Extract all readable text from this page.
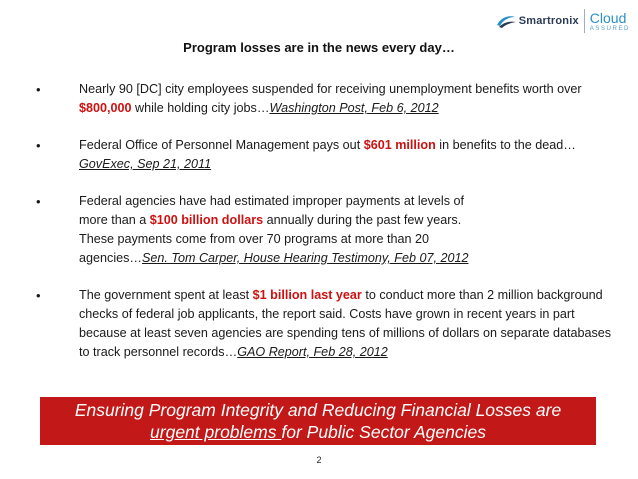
Smartronix Cloud
ASSURED
Program losses are in the news every day…
•	Nearly 90 [DC] city employees suspended for receiving unemployment benefits worth over $800,000 while holding city jobs…Washington Post, Feb 6, 2012
•	Federal Office of Personnel Management pays out $601 million in benefits to the dead…GovExec, Sep 21, 2011
•	Federal agencies have had estimated improper payments at levels of
more than a $100 billion dollars annually during the past few years.
These payments come from over 70 programs at more than 20
agencies…Sen. Tom Carper, House Hearing Testimony, Feb 07, 2012
•	The government spent at least $1 billion last year to conduct more than 2 million background checks of federal job applicants, the report said. Costs have grown in recent years in part because at least seven agencies are spending tens of millions of dollars on separate databases to track personnel records…GAO Report, Feb 28, 2012
Ensuring Program Integrity and Reducing Financial Losses are
urgent problems for Public Sector Agencies
2
